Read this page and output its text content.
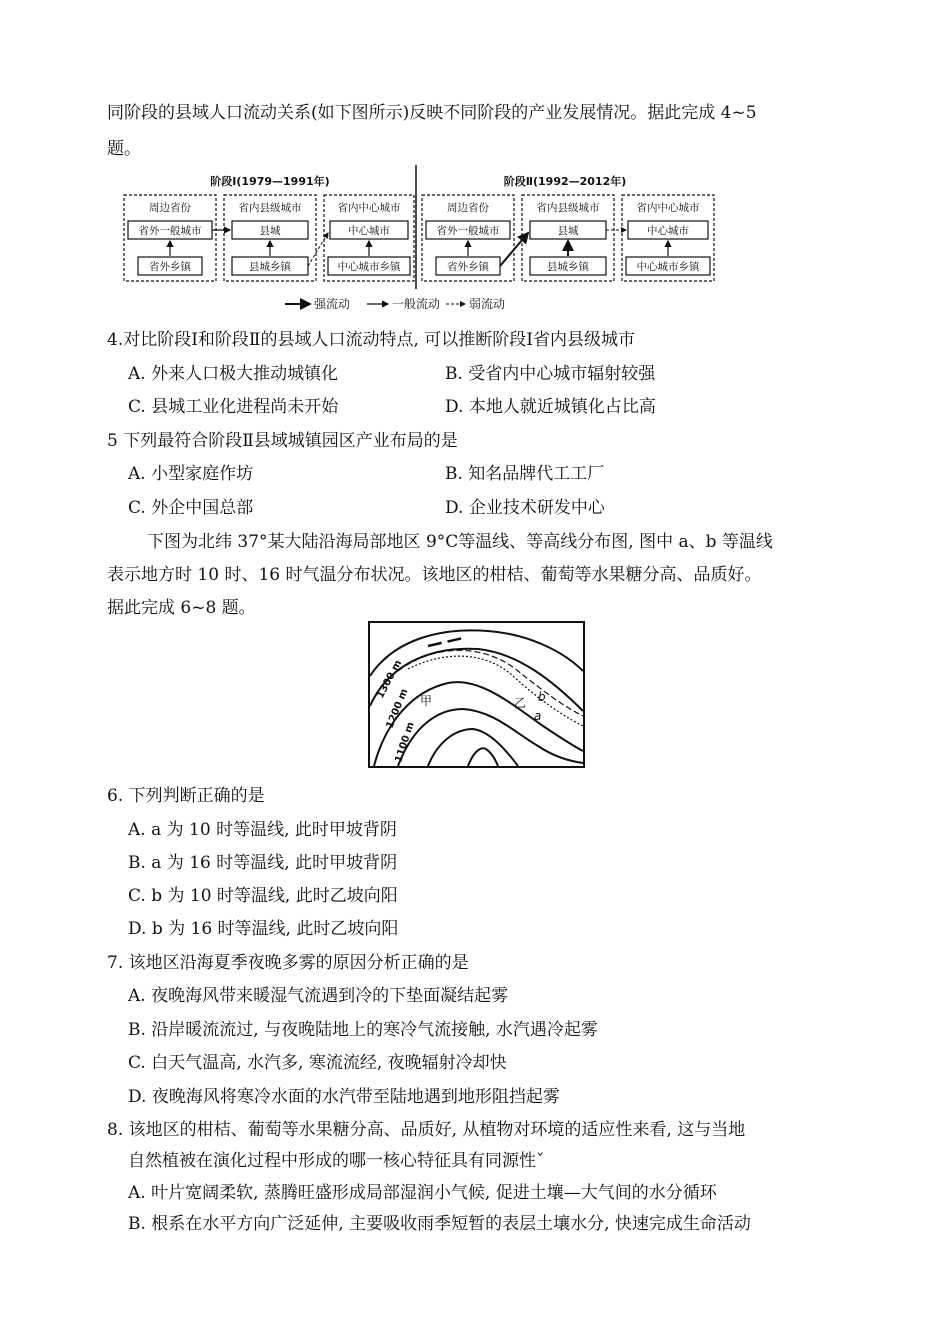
同阶段的县域人口流动关系(如下图所示)反映不同阶段的产业发展情况。据此完成 4~5
题。
阶段Ⅰ(1979—1991年)	阶段Ⅱ(1992—2012年)
周边省份
省外一般城市
省外乡镇
省内县级城市
县城
县城乡镇
省内中心城市
中心城市
中心城市乡镇
周边省份
省外一般城市
省外乡镇
省内县级城市
县城
县城乡镇
省内中心城市
中心城市
中心城市乡镇
强流动	一般流动 弱流动
4.对比阶段Ⅰ和阶段Ⅱ的县域人口流动特点, 可以推断阶段Ⅰ省内县级城市
A. 外来人口极大推动城镇化	B. 受省内中心城市辐射较强
C. 县城工业化进程尚未开始	D. 本地人就近城镇化占比高
5 下列最符合阶段Ⅱ县域城镇园区产业布局的是
A. 小型家庭作坊	B. 知名品牌代工工厂
C. 外企中国总部	D. 企业技术研发中心
下图为北纬 37°某大陆沿海局部地区 9°C等温线、等高线分布图, 图中 a、b 等温线
表示地方时 10 时、16 时气温分布状况。该地区的柑桔、葡萄等水果糖分高、品质好。
据此完成 6~8 题。
1300 m
1200 m
1100 m
甲	乙 b
a
6. 下列判断正确的是
A. a 为 10 时等温线, 此时甲坡背阴
B. a 为 16 时等温线, 此时甲坡背阴
C. b 为 10 时等温线, 此时乙坡向阳
D. b 为 16 时等温线, 此时乙坡向阳
7. 该地区沿海夏季夜晚多雾的原因分析正确的是
A. 夜晚海风带来暖湿气流遇到冷的下垫面凝结起雾
B. 沿岸暖流流过, 与夜晚陆地上的寒冷气流接触, 水汽遇冷起雾
C. 白天气温高, 水汽多, 寒流流经, 夜晚辐射冷却快
D. 夜晚海风将寒冷水面的水汽带至陆地遇到地形阻挡起雾
8. 该地区的柑桔、葡萄等水果糖分高、品质好, 从植物对环境的适应性来看, 这与当地
自然植被在演化过程中形成的哪一核心特征具有同源性ˇ
A. 叶片宽阔柔软, 蒸腾旺盛形成局部湿润小气候, 促进土壤—大气间的水分循环
B. 根系在水平方向广泛延伸, 主要吸收雨季短暂的表层土壤水分, 快速完成生命活动
